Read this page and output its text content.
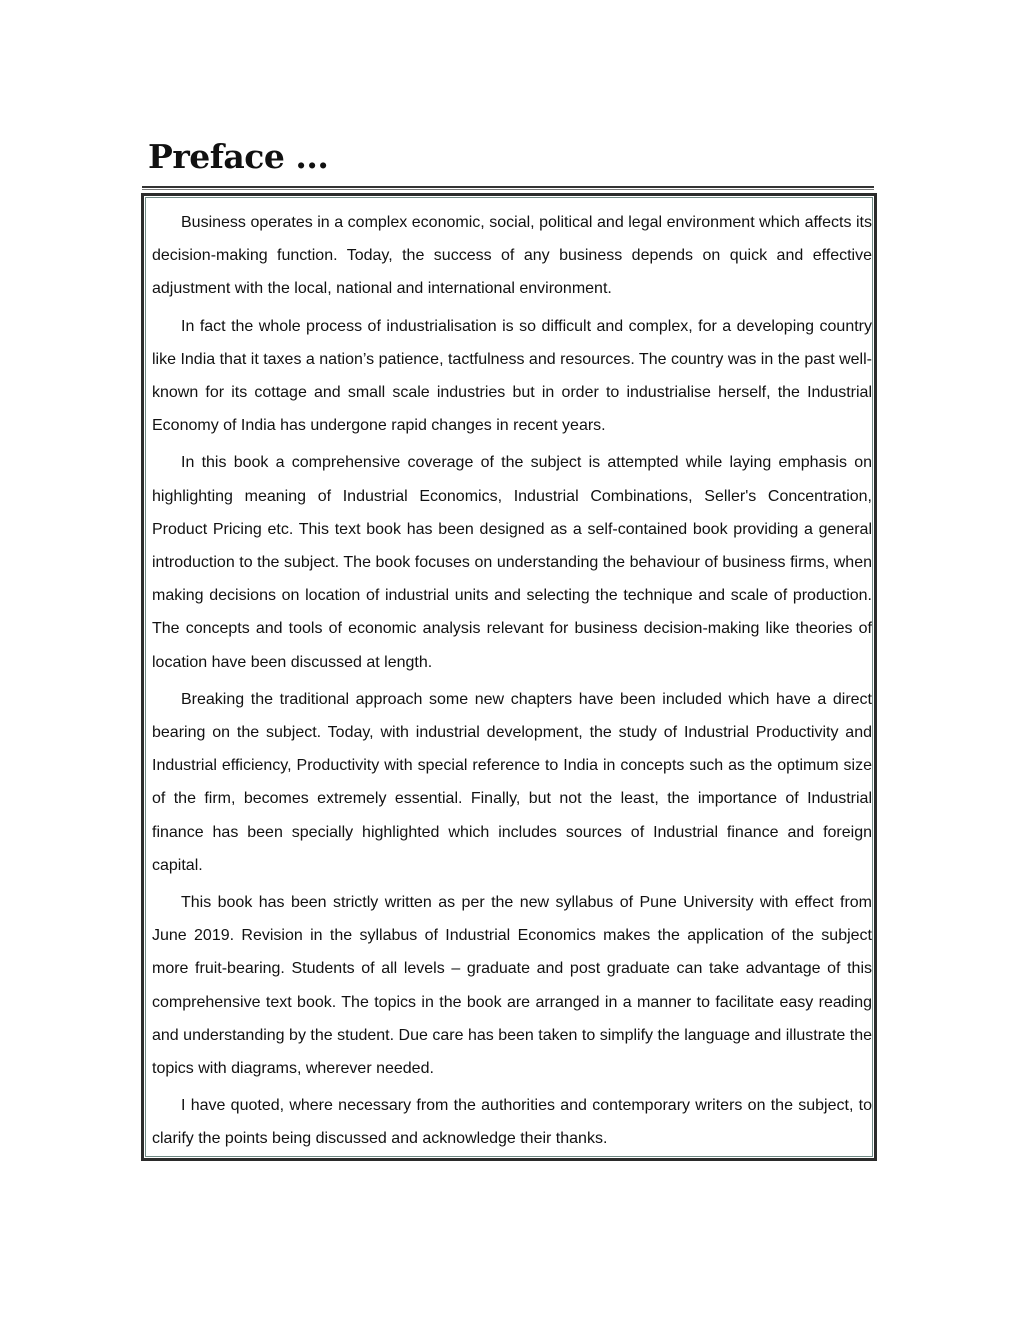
Preface ...

Business operates in a complex economic, social, political and legal environment which affects its decision-making function. Today, the success of any business depends on quick and effective adjustment with the local, national and international environment.

In fact the whole process of industrialisation is so difficult and complex, for a developing country like India that it taxes a nation’s patience, tactfulness and resources. The country was in the past well-known for its cottage and small scale industries but in order to industrialise herself, the Industrial Economy of India has undergone rapid changes in recent years.

In this book a comprehensive coverage of the subject is attempted while laying emphasis on highlighting meaning of Industrial Economics, Industrial Combinations, Seller's Concentration, Product Pricing etc. This text book has been designed as a self-contained book providing a general introduction to the subject. The book focuses on understanding the behaviour of business firms, when making decisions on location of industrial units and selecting the technique and scale of production. The concepts and tools of economic analysis relevant for business decision-making like theories of location have been discussed at length.

Breaking the traditional approach some new chapters have been included which have a direct bearing on the subject. Today, with industrial development, the study of Industrial Productivity and Industrial efficiency, Productivity with special reference to India in concepts such as the optimum size of the firm, becomes extremely essential. Finally, but not the least, the importance of Industrial finance has been specially highlighted which includes sources of Industrial finance and foreign capital.

This book has been strictly written as per the new syllabus of Pune University with effect from June 2019. Revision in the syllabus of Industrial Economics makes the application of the subject more fruit-bearing. Students of all levels – graduate and post graduate can take advantage of this comprehensive text book. The topics in the book are arranged in a manner to facilitate easy reading and understanding by the student. Due care has been taken to simplify the language and illustrate the topics with diagrams, wherever needed.

I have quoted, where necessary from the authorities and contemporary writers on the subject, to clarify the points being discussed and acknowledge their thanks.
